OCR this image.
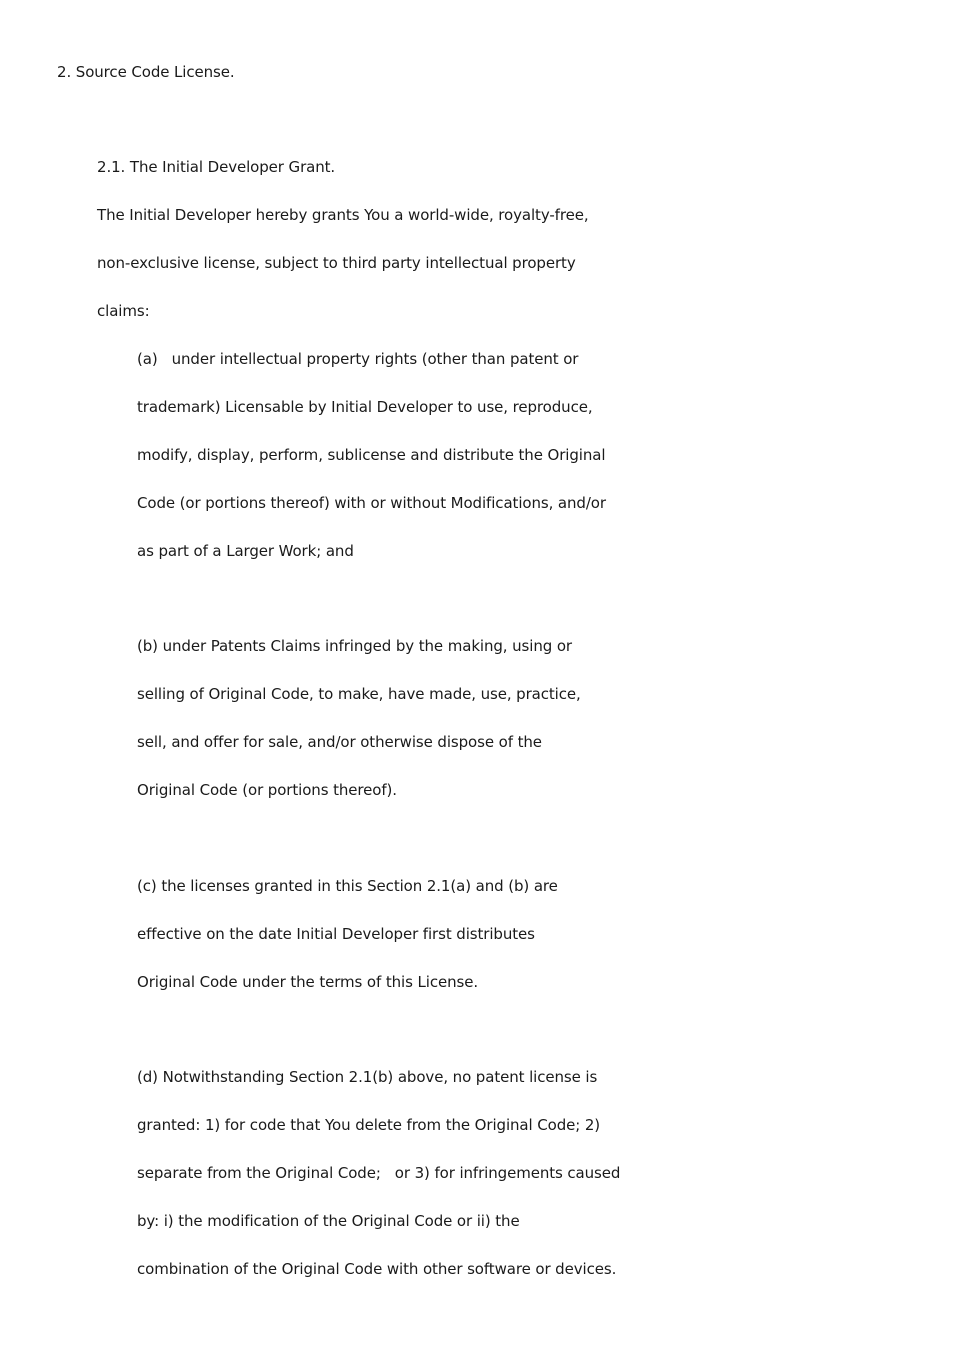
2. Source Code License.
2.1. The Initial Developer Grant.
The Initial Developer hereby grants You a world-wide, royalty-free,
non-exclusive license, subject to third party intellectual property
claims:
(a)   under intellectual property rights (other than patent or
trademark) Licensable by Initial Developer to use, reproduce,
modify, display, perform, sublicense and distribute the Original
Code (or portions thereof) with or without Modifications, and/or
as part of a Larger Work; and
(b) under Patents Claims infringed by the making, using or
selling of Original Code, to make, have made, use, practice,
sell, and offer for sale, and/or otherwise dispose of the
Original Code (or portions thereof).
(c) the licenses granted in this Section 2.1(a) and (b) are
effective on the date Initial Developer first distributes
Original Code under the terms of this License.
(d) Notwithstanding Section 2.1(b) above, no patent license is
granted: 1) for code that You delete from the Original Code; 2)
separate from the Original Code;   or 3) for infringements caused
by: i) the modification of the Original Code or ii) the
combination of the Original Code with other software or devices.
